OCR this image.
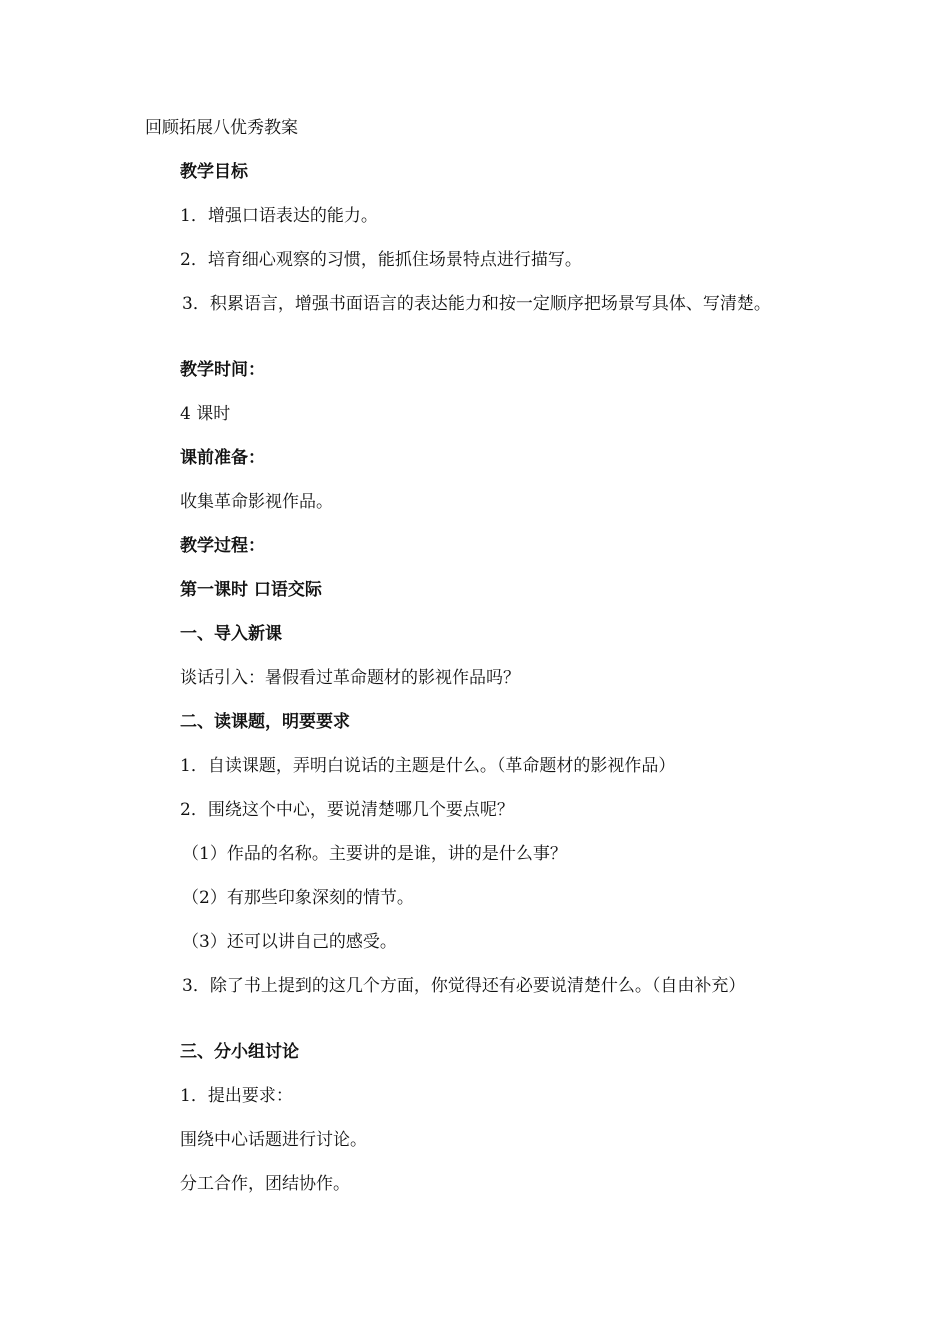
回顾拓展八优秀教案
教学目标
1．增强口语表达的能力。
2．培育细心观察的习惯，能抓住场景特点进行描写。
3．积累语言，增强书面语言的表达能力和按一定顺序把场景写具体、写清楚。
教学时间：
4 课时
课前准备：
收集革命影视作品。
教学过程：
第一课时 口语交际
一、导入新课
谈话引入：暑假看过革命题材的影视作品吗？
二、读课题，明要要求
1．自读课题，弄明白说话的主题是什么。（革命题材的影视作品）
2．围绕这个中心，要说清楚哪几个要点呢？
（1）作品的名称。主要讲的是谁，讲的是什么事？
（2）有那些印象深刻的情节。
（3）还可以讲自己的感受。
3．除了书上提到的这几个方面，你觉得还有必要说清楚什么。（自由补充）
三、分小组讨论
1．提出要求：
围绕中心话题进行讨论。
分工合作，团结协作。
